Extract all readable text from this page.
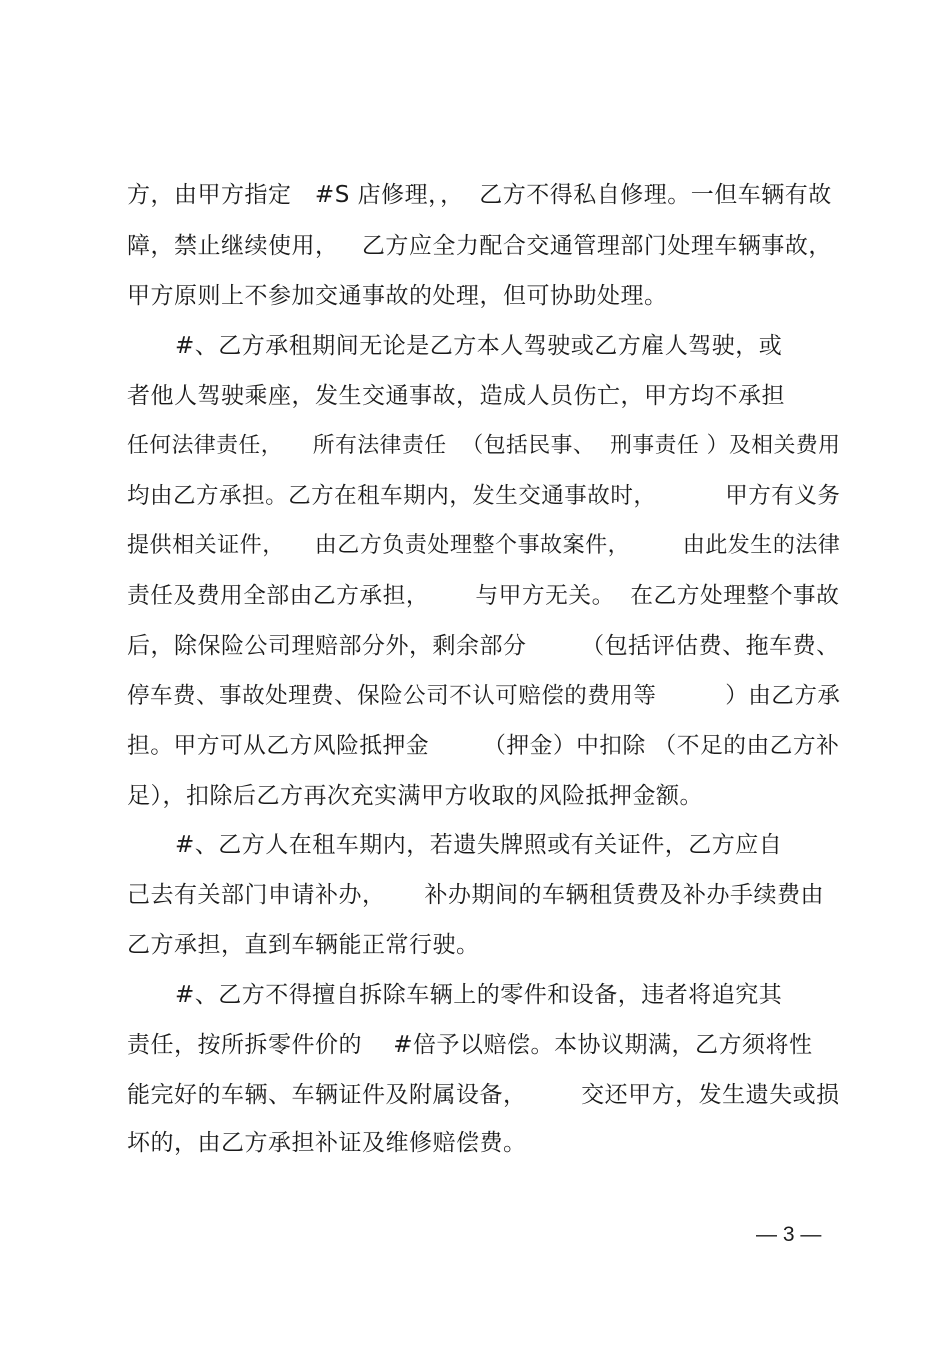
方，由甲方指定   #S 店修理，，  乙方不得私自修理。一但车辆有故
障，禁止继续使用，   乙方应全力配合交通管理部门处理车辆事故，
甲方原则上不参加交通事故的处理，但可协助处理。
#、乙方承租期间无论是乙方本人驾驶或乙方雇人驾驶，或
者他人驾驶乘座，发生交通事故，造成人员伤亡，甲方均不承担
任何法律责任，    所有法律责任  （包括民事、  刑事责任 ）及相关费用
均由乙方承担。乙方在租车期内，发生交通事故时，         甲方有义务
提供相关证件，    由乙方负责处理整个事故案件，       由此发生的法律
责任及费用全部由乙方承担，      与甲方无关。  在乙方处理整个事故
后，除保险公司理赔部分外，剩余部分       （包括评估费、拖车费、
停车费、事故处理费、保险公司不认可赔偿的费用等         ）由乙方承
担。甲方可从乙方风险抵押金       （押金）中扣除 （不足的由乙方补
足），扣除后乙方再次充实满甲方收取的风险抵押金额。
#、乙方人在租车期内，若遗失牌照或有关证件，乙方应自
己去有关部门申请补办，     补办期间的车辆租赁费及补办手续费由
乙方承担，直到车辆能正常行驶。
#、乙方不得擅自拆除车辆上的零件和设备，违者将追究其
责任，按所拆零件价的    #倍予以赔偿。本协议期满，乙方须将性
能完好的车辆、车辆证件及附属设备，       交还甲方，发生遗失或损
坏的，由乙方承担补证及维修赔偿费。
— 3 —
